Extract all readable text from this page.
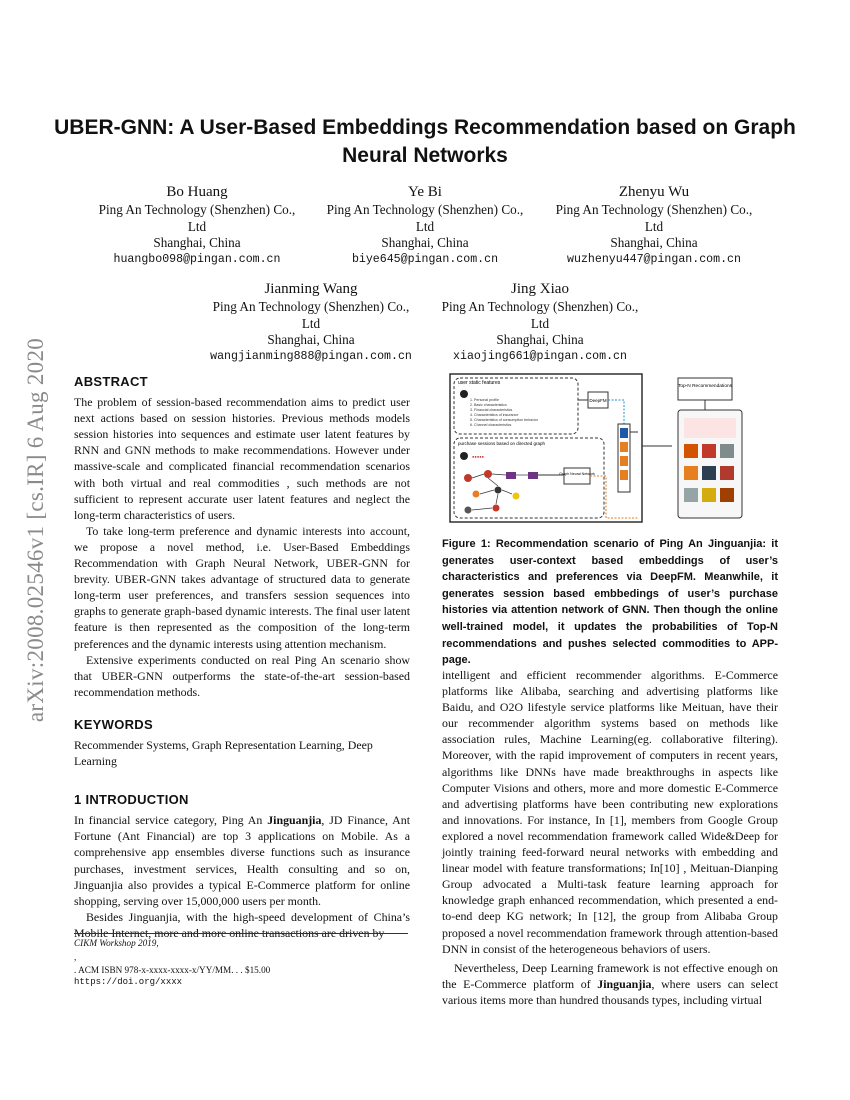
UBER-GNN: A User-Based Embeddings Recommendation based on Graph Neural Networks
arXiv:2008.02546v1 [cs.IR] 6 Aug 2020
Bo Huang
Ping An Technology (Shenzhen) Co.,
Ltd
Shanghai, China
huangbo098@pingan.com.cn
Ye Bi
Ping An Technology (Shenzhen) Co.,
Ltd
Shanghai, China
biye645@pingan.com.cn
Zhenyu Wu
Ping An Technology (Shenzhen) Co.,
Ltd
Shanghai, China
wuzhenyu447@pingan.com.cn
Jianming Wang
Ping An Technology (Shenzhen) Co.,
Ltd
Shanghai, China
wangjianming888@pingan.com.cn
Jing Xiao
Ping An Technology (Shenzhen) Co.,
Ltd
Shanghai, China
xiaojing661@pingan.com.cn
ABSTRACT

The problem of session-based recommendation aims to predict user next actions based on session histories. Previous methods models session histories into sequences and estimate user latent features by RNN and GNN methods to make recommendations. However under massive-scale and complicated financial recommendation scenarios with both virtual and real commodities , such methods are not sufficient to represent accurate user latent features and neglect the long-term characteristics of users.

To take long-term preference and dynamic interests into account, we propose a novel method, i.e. User-Based Embeddings Recommendation with Graph Neural Network, UBER-GNN for brevity. UBER-GNN takes advantage of structured data to generate long-term user preferences, and transfers session sequences into graphs to generate graph-based dynamic interests. The final user latent feature is then represented as the composition of the long-term preferences and the dynamic interests using attention mechanism.

Extensive experiments conducted on real Ping An scenario show that UBER-GNN outperforms the state-of-the-art session-based recommendation methods.

KEYWORDS

Recommender Systems, Graph Representation Learning, Deep Learning

1 INTRODUCTION

In financial service category, Ping An Jinguanjia, JD Finance, Ant Fortune (Ant Financial) are top 3 applications on Mobile. As a comprehensive app ensembles diverse functions such as insurance purchases, investment services, Health consulting and so on, Jinguanjia also provides a typical E-Commerce platform for online shopping, serving over 15,000,000 users per month.

Besides Jinguanjia, with the high-speed development of China’s Mobile Internet, more and more online transactions are driven by

CIKM Workshop 2019,
,
. ACM ISBN 978-x-xxxx-xxxx-x/YY/MM. . . $15.00
https://doi.org/xxxx
user static features
1. Personal profile
2. Basic characteristics
3. Financial characteristics
4. Characteristics of insurance
5. Characteristics of consumption behavior
6. Channel characteristics
DeepFM
purchase sessions based on directed graph
●●●●●
Graph Neural Network
Top-N Recommendations
Figure 1: Recommendation scenario of Ping An Jinguanjia: it generates user-context based embeddings of user’s characteristics and preferences via DeepFM. Meanwhile, it generates session based embbedings of user’s purchase histories via attention network of GNN. Then though the online well-trained model, it updates the probabilities of Top-N recommendations and pushes selected commodities to APP-page.

intelligent and efficient recommender algorithms. E-Commerce platforms like Alibaba, searching and advertising platforms like Baidu, and O2O lifestyle service platforms like Meituan, have their our recommender algorithm systems based on methods like association rules, Machine Learning(eg. collaborative filtering). Moreover, with the rapid improvement of computers in recent years, algorithms like DNNs have made breakthroughs in aspects like Computer Visions and others, more and more domestic E-Commerce and advertising platforms have been contributing new explorations and innovations. For instance, In [1], members from Google Group explored a novel recommendation framework called Wide&Deep for jointly training feed-forward neural networks with embedding and linear model with feature transformations; In[10] , Meituan-Dianping Group advocated a Multi-task feature learning approach for knowledge graph enhanced recommendation, which presented a end-to-end deep KG network; In [12], the group from Alibaba Group proposed a novel recommendation framework through attention-based DNN in consist of the heterogeneous behaviors of users.

Nevertheless, Deep Learning framework is not effective enough on the E-Commerce platform of Jinguanjia, where users can select various items more than hundred thousands types, including virtual
